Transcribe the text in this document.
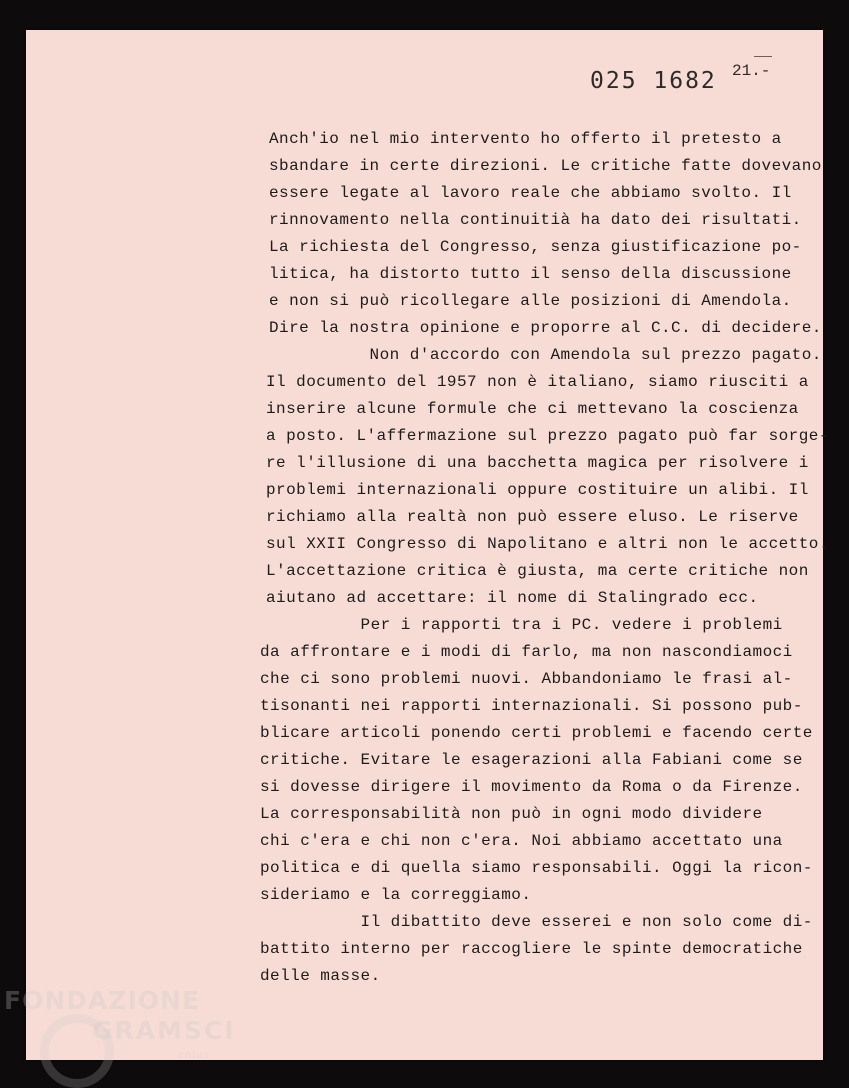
025 1682 21.-
Anch'io nel mio intervento ho offerto il pretesto a
sbandare in certe direzioni. Le critiche fatte dovevano
essere legate al lavoro reale che abbiamo svolto. Il
rinnovamento nella continuitià ha dato dei risultati.
La richiesta del Congresso, senza giustificazione po-
litica, ha distorto tutto il senso della discussione
e non si può ricollegare alle posizioni di Amendola.
Dire la nostra opinione e proporre al C.C. di decidere.
Non d'accordo con Amendola sul prezzo pagato.
Il documento del 1957 non è italiano, siamo riusciti a
inserire alcune formule che ci mettevano la coscienza
a posto. L'affermazione sul prezzo pagato può far sorge-
re l'illusione di una bacchetta magica per risolvere i
problemi internazionali oppure costituire un alibi. Il
richiamo alla realtà non può essere eluso. Le riserve
sul XXII Congresso di Napolitano e altri non le accetto.
L'accettazione critica è giusta, ma certe critiche non
aiutano ad accettare: il nome di Stalingrado ecc.
Per i rapporti tra i PC. vedere i problemi
da affrontare e i modi di farlo, ma non nascondiamoci
che ci sono problemi nuovi. Abbandoniamo le frasi al-
tisonanti nei rapporti internazionali. Si possono pub-
blicare articoli ponendo certi problemi e facendo certe
critiche. Evitare le esagerazioni alla Fabiani come se
si dovesse dirigere il movimento da Roma o da Firenze.
La corresponsabilità non può in ogni modo dividere
chi c'era e chi non c'era. Noi abbiamo accettato una
politica e di quella siamo responsabili. Oggi la ricon-
sideriamo e la correggiamo.
Il dibattito deve esserei e non solo come di-
battito interno per raccogliere le spinte democratiche
delle masse.
FONDAZIONE
GRAMSCI
onlus
